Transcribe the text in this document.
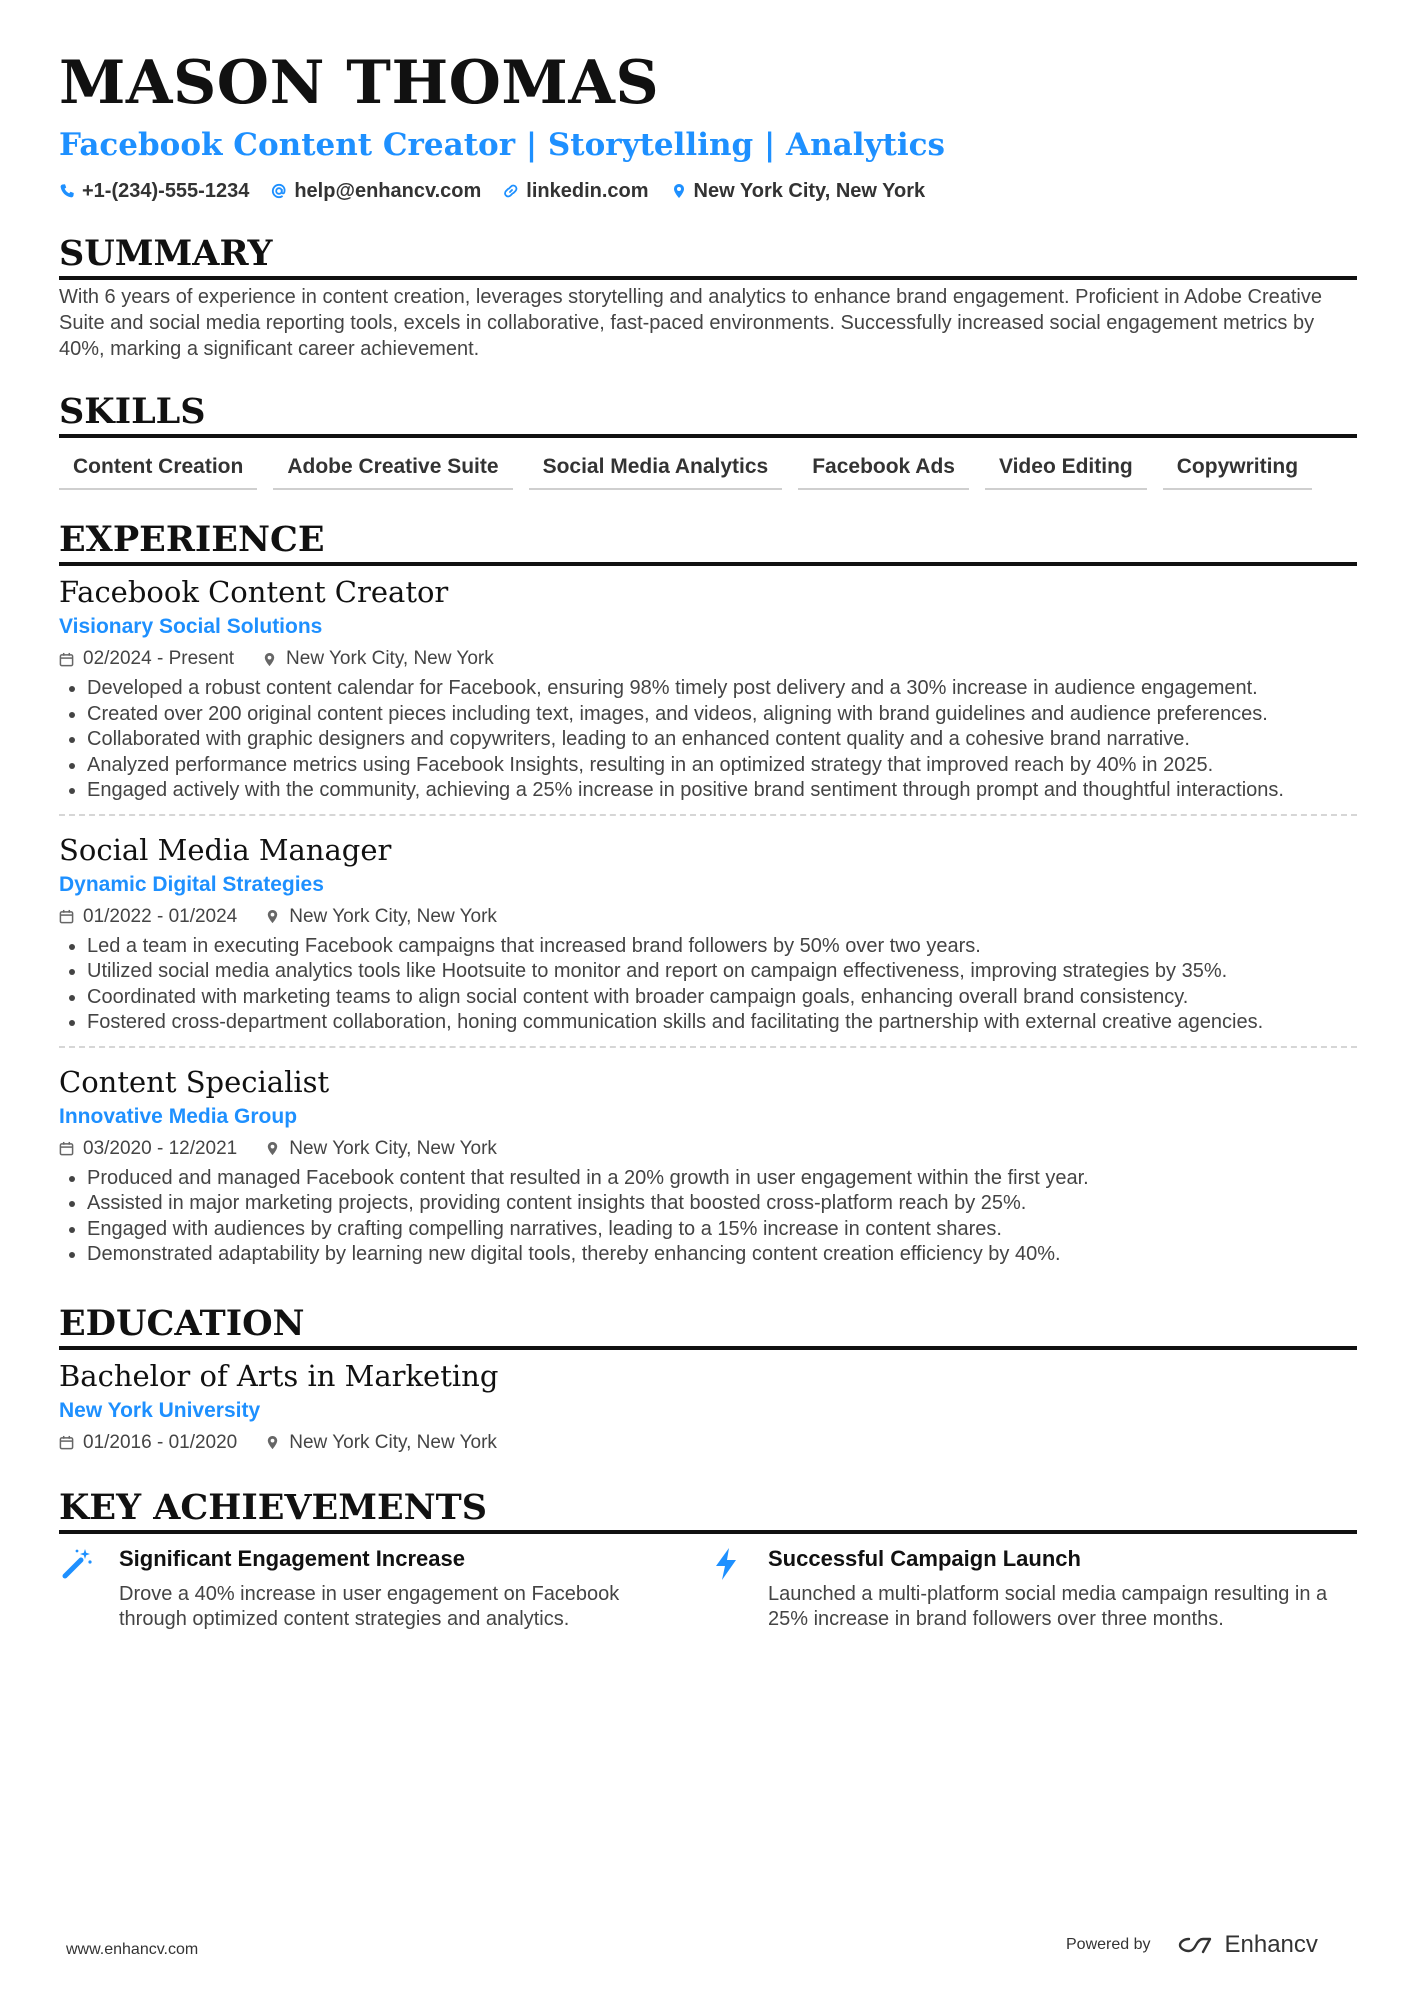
MASON THOMAS
Facebook Content Creator | Storytelling | Analytics
+1-(234)-555-1234 help@enhancv.com linkedin.com New York City, New York
SUMMARY
With 6 years of experience in content creation, leverages storytelling and analytics to enhance brand engagement. Proficient in Adobe Creative Suite and social media reporting tools, excels in collaborative, fast-paced environments. Successfully increased social engagement metrics by 40%, marking a significant career achievement.
SKILLS
Content Creation	Adobe Creative Suite	Social Media Analytics	Facebook Ads	Video Editing	Copywriting
EXPERIENCE
Facebook Content Creator
Visionary Social Solutions
02/2024 - Present	New York City, New York
• Developed a robust content calendar for Facebook, ensuring 98% timely post delivery and a 30% increase in audience engagement.
• Created over 200 original content pieces including text, images, and videos, aligning with brand guidelines and audience preferences.
• Collaborated with graphic designers and copywriters, leading to an enhanced content quality and a cohesive brand narrative.
• Analyzed performance metrics using Facebook Insights, resulting in an optimized strategy that improved reach by 40% in 2025.
• Engaged actively with the community, achieving a 25% increase in positive brand sentiment through prompt and thoughtful interactions.
Social Media Manager
Dynamic Digital Strategies
01/2022 - 01/2024	New York City, New York
• Led a team in executing Facebook campaigns that increased brand followers by 50% over two years.
• Utilized social media analytics tools like Hootsuite to monitor and report on campaign effectiveness, improving strategies by 35%.
• Coordinated with marketing teams to align social content with broader campaign goals, enhancing overall brand consistency.
• Fostered cross-department collaboration, honing communication skills and facilitating the partnership with external creative agencies.
Content Specialist
Innovative Media Group
03/2020 - 12/2021	New York City, New York
• Produced and managed Facebook content that resulted in a 20% growth in user engagement within the first year.
• Assisted in major marketing projects, providing content insights that boosted cross-platform reach by 25%.
• Engaged with audiences by crafting compelling narratives, leading to a 15% increase in content shares.
• Demonstrated adaptability by learning new digital tools, thereby enhancing content creation efficiency by 40%.
EDUCATION
Bachelor of Arts in Marketing
New York University
01/2016 - 01/2020	New York City, New York
KEY ACHIEVEMENTS
Significant Engagement Increase
Drove a 40% increase in user engagement on Facebook through optimized content strategies and analytics.
Successful Campaign Launch
Launched a multi-platform social media campaign resulting in a 25% increase in brand followers over three months.
www.enhancv.com	Powered by	Enhancv
